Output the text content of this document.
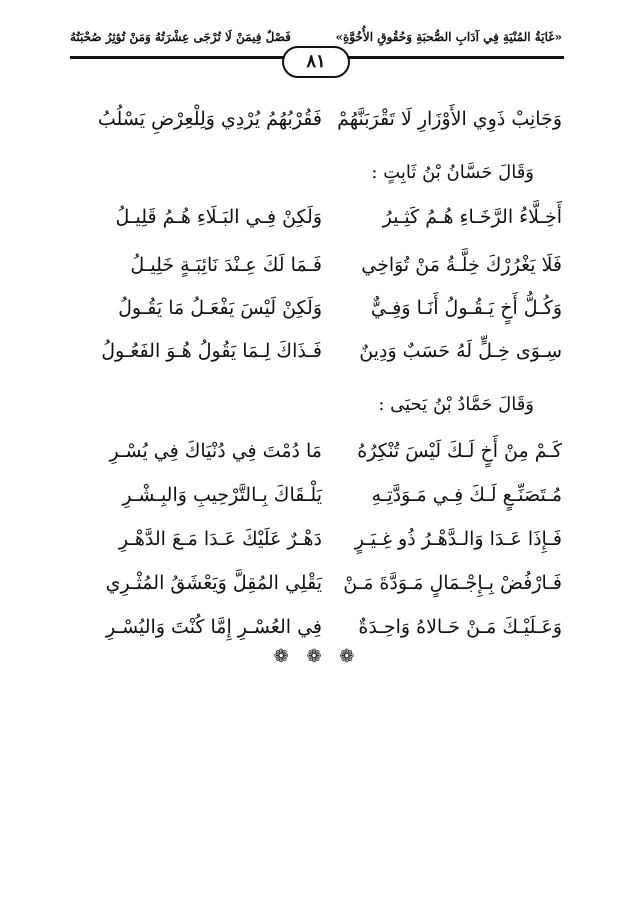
فَصْلٌ فِيمَنْ لَا تُرْجَى عِشْرَتُهُ وَمَنْ تُؤثِرُ صُحْبَتُهُ	«غَايَةُ المُنْيَةِ فِي آدَابِ الصُّحبَةِ وَحُقُوقِ الأُخُوَّةِ»
٨١
وَجَانِبْ ذَوِي الأَوْزَارِ لَا تَقْرَبَنَّهُمْ
فَقُرْبُهُمُ يُرْدِي وَلِلْعِرْضِ يَسْلُبُ
وَقَالَ حَسَّانُ بْنُ ثَابِتٍ :
أَخِـلَّاءُ الرَّخَـاءِ هُـمُ كَثِـيرُ
وَلَكِنْ فِـي البَـلَاءِ هُـمُ قَلِيـلُ
فَلَا يَغْرُرْكَ خِلَّـةُ مَنْ تُوَاخِي
فَـمَا لَكَ عِـنْدَ نَائِبَـةٍ خَلِيـلُ
وَكُـلُّ أَخٍ يَـقُـولُ أَنَـا وَفِـيٌّ
وَلَكِنْ لَيْسَ يَفْعَـلُ مَا يَقُـولُ
سِـوَى خِـلٍّ لَهُ حَسَبٌ وَدِينٌ
فَـذَاكَ لِـمَا يَقُولُ هُـوَ الفَعُـولُ
وَقَالَ حَمَّادُ بْنُ يَحيَى :
كَـمْ مِنْ أَخٍ لَـكَ لَيْسَ تُنْكِرُهُ
مَا دُمْتَ فِي دُنْيَاكَ فِي يُسْـرِ
مُـتَصَنِّـعٍ لَـكَ فِـي مَـوَدَّتِـهِ
يَلْـقَاكَ بِـالتَّرْحِيبِ وَالبِـشْـرِ
فَـإِذَا عَـدَا وَالـدَّهْـرُ ذُو غِـيَـرٍ
دَهْـرٌ عَلَيْكَ عَـدَا مَـعَ الدَّهْـرِ
فَـارْفُضْ بِـإِجْـمَالٍ مَـوَدَّةَ مَـنْ
يَقْلِي المُقِلَّ وَيَعْشَقُ المُثْـرِي
وَعَـلَيْـكَ مَـنْ حَـالاهُ وَاحِـدَةٌ
فِي العُسْـرِ إِمَّا كُنْتَ وَاليُسْـرِ
❁ ❁ ❁
